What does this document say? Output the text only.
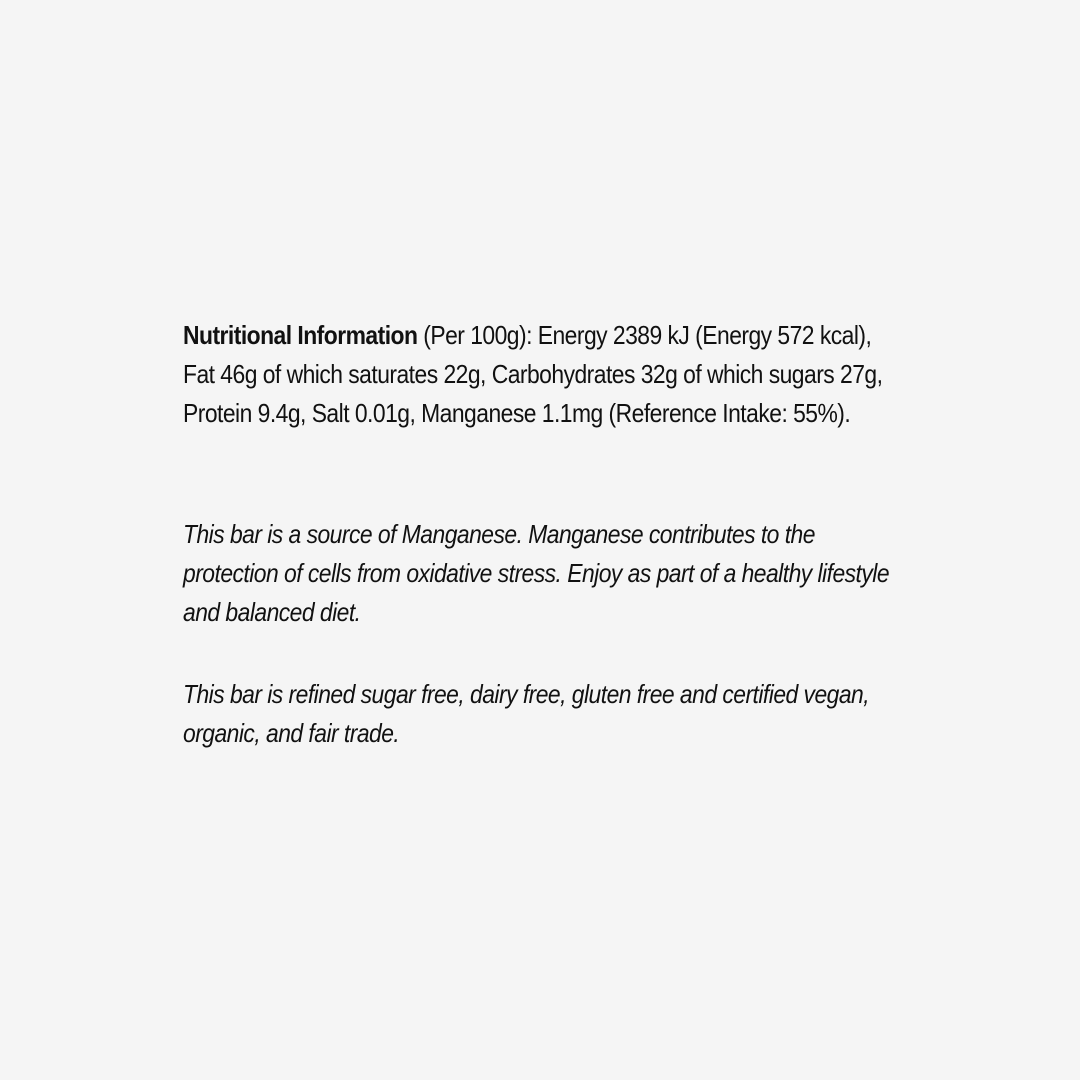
Nutritional Information (Per 100g): Energy 2389 kJ (Energy 572 kcal), Fat 46g of which saturates 22g, Carbohydrates 32g of which sugars 27g, Protein 9.4g, Salt 0.01g, Manganese 1.1mg (Reference Intake: 55%).

This bar is a source of Manganese. Manganese contributes to the protection of cells from oxidative stress. Enjoy as part of a healthy lifestyle and balanced diet.

This bar is refined sugar free, dairy free, gluten free and certified vegan, organic, and fair trade.
